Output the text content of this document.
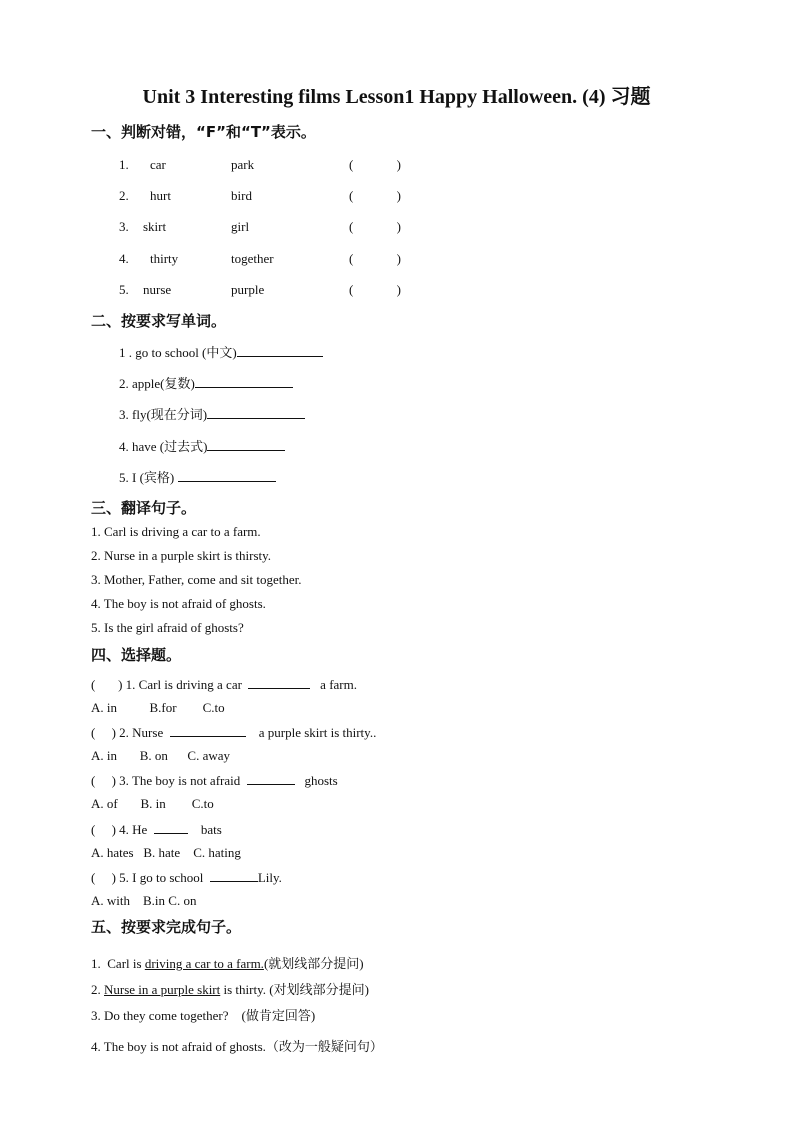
Unit 3 Interesting films Lesson1 Happy Halloween. (4) 习题
一、判断对错，“F”和“T”表示。
1. car	park	(	)
2. hurt	bird	(	)
3. skirt	girl	(	)
4. thirty	together	(	)
5. nurse	purple	(	)
二、按要求写单词。
1 . go to school (中文)
2. apple(复数)
3. fly(现在分词)
4. have (过去式)
5. I (宾格)
三、翻译句子。
1. Carl is driving a car to a farm.
2. Nurse in a purple skirt is thirsty.
3. Mother, Father, come and sit together.
4. The boy is not afraid of ghosts.
5. Is the girl afraid of ghosts?
四、选择题。
( ) 1. Carl is driving a car	a farm.
A. in	B.for C.to
( ) 2. Nurse	a purple skirt is thirty..
A. in B. on C. away
( ) 3. The boy is not afraid	ghosts
A. of B. in C.to
( ) 4. He	bats
A. hates B. hate C. hating
( ) 5. I go to school	Lily.
A. with B.in C. on
五、按要求完成句子。
1.  Carl is driving a car to a farm.(就划线部分提问)
2. Nurse in a purple skirt is thirty. (对划线部分提问)
3. Do they come together?    (做肯定回答)
4. The boy is not afraid of ghosts.（改为一般疑问句）
